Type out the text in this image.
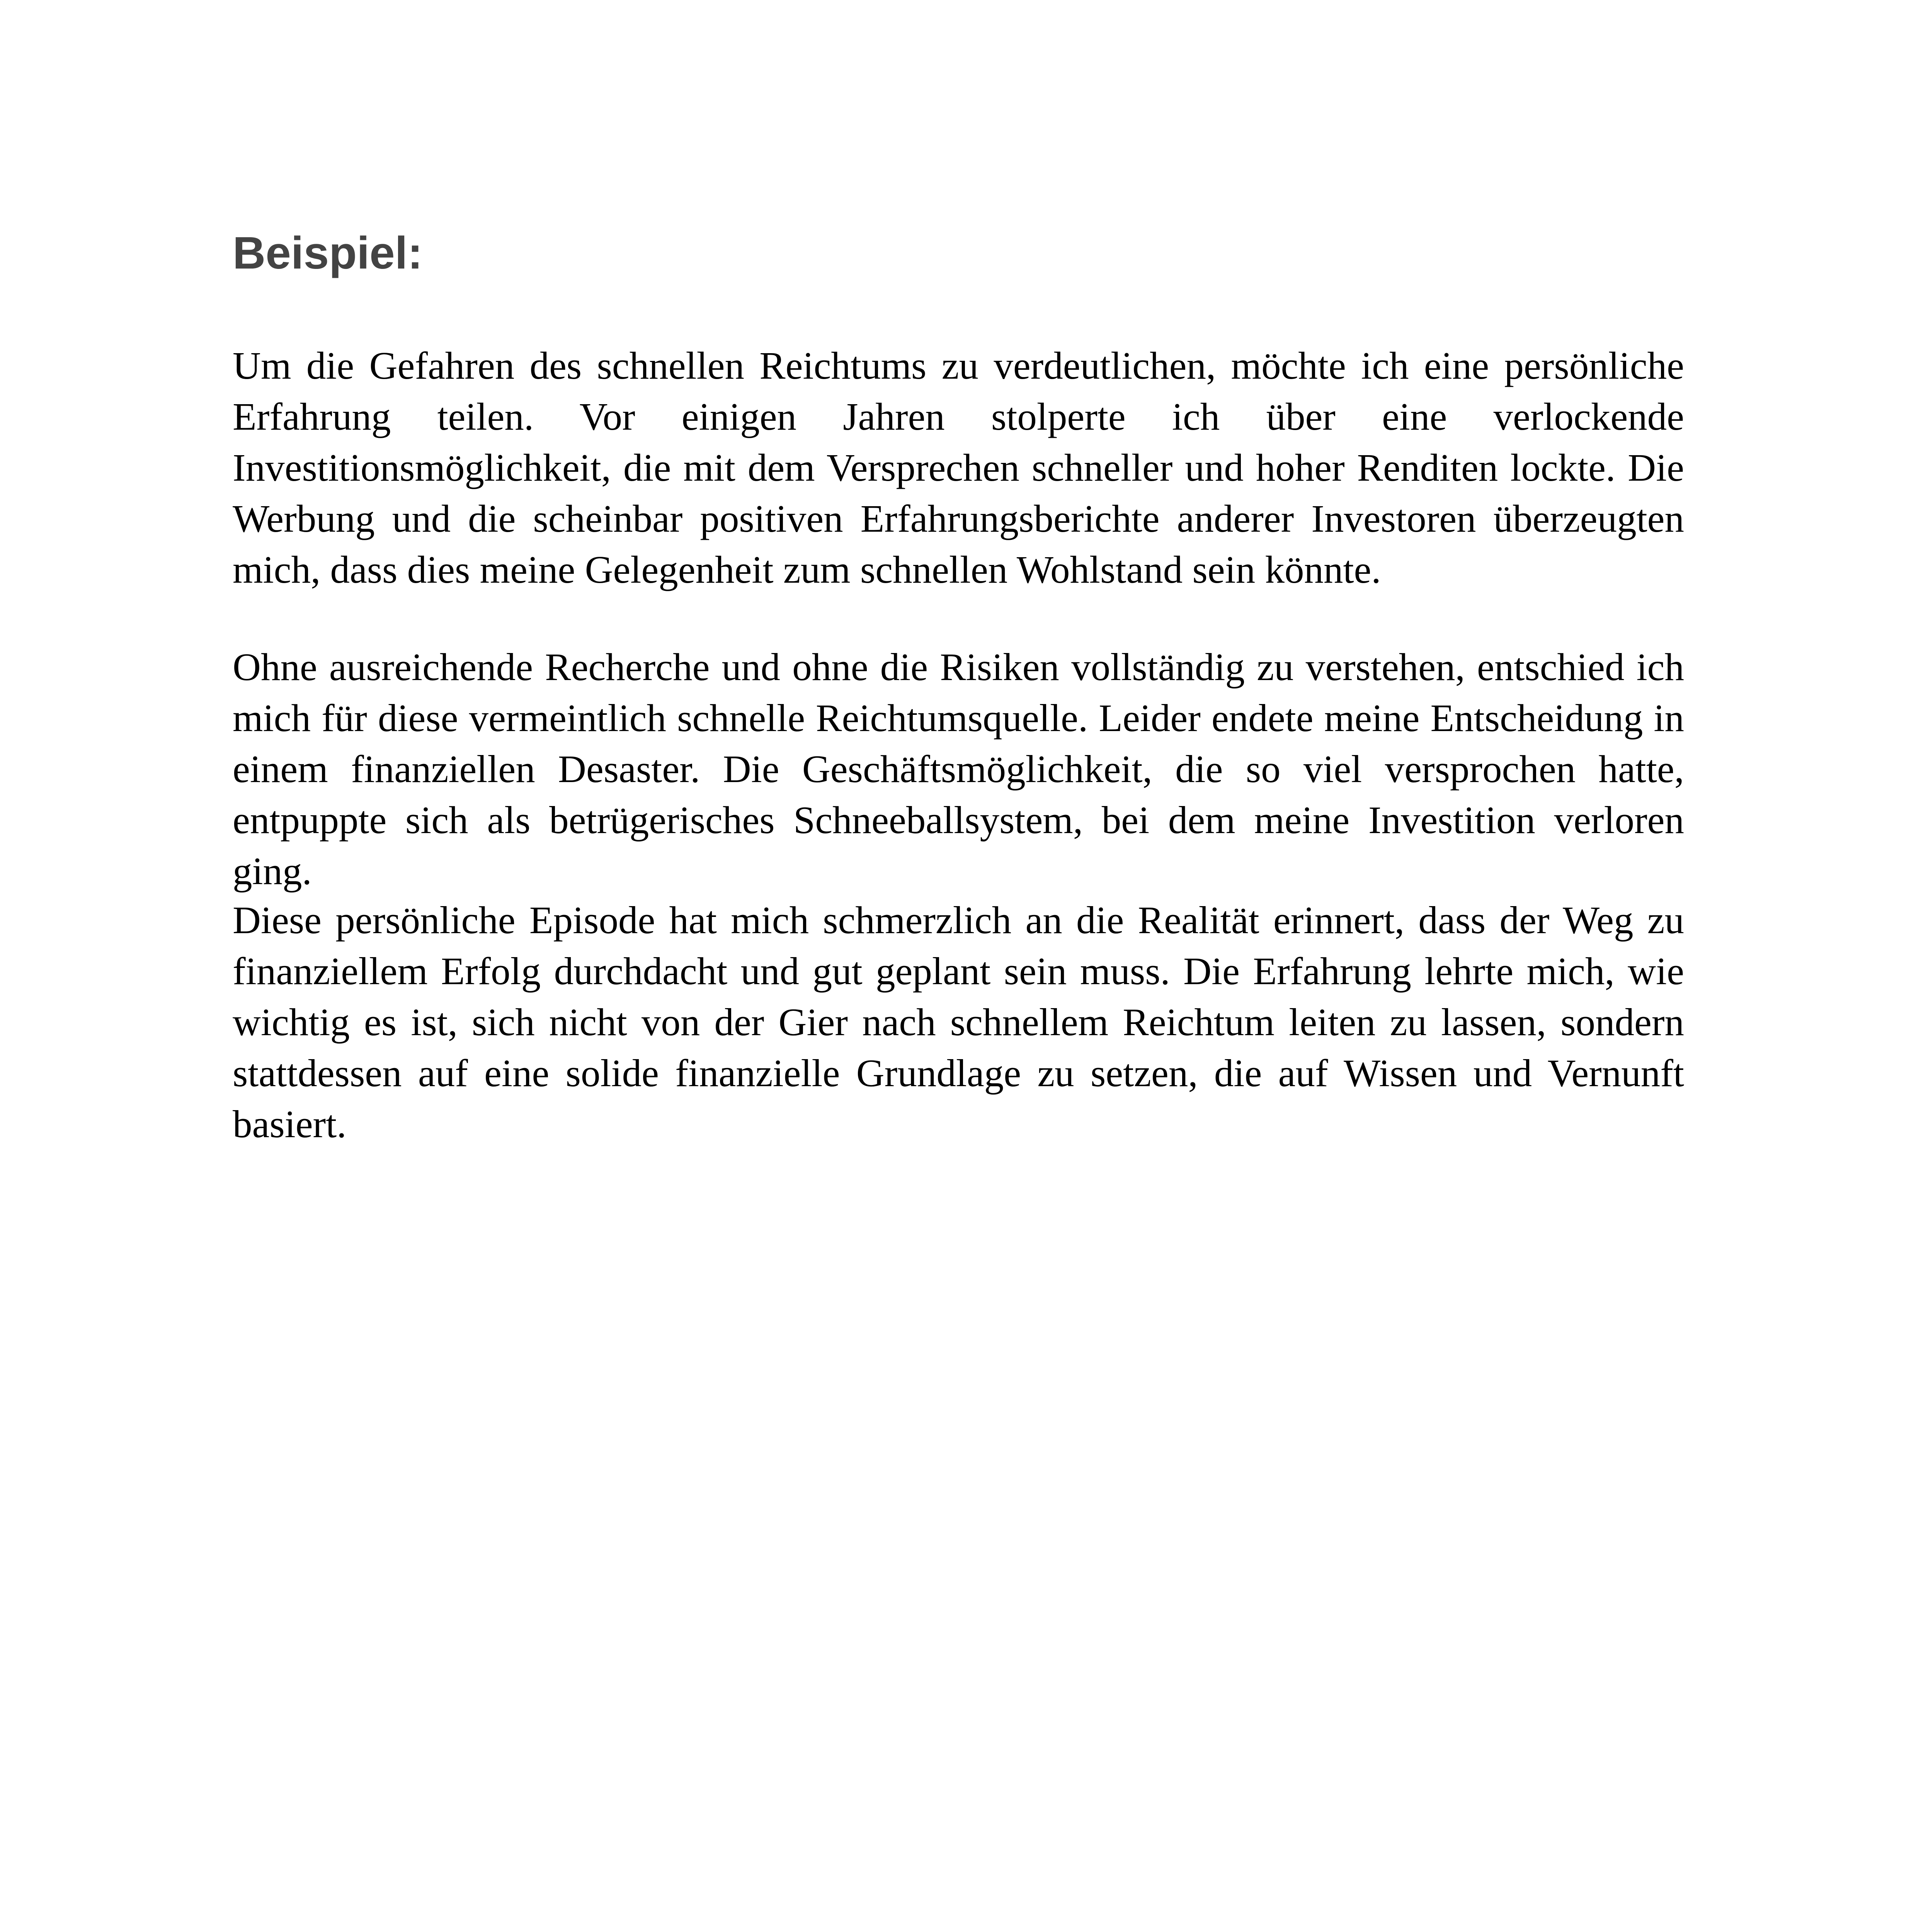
Beispiel:

Um die Gefahren des schnellen Reichtums zu verdeutlichen, möchte ich eine persönliche Erfahrung teilen. Vor einigen Jahren stolperte ich über eine verlockende Investitionsmöglichkeit, die mit dem Versprechen schneller und hoher Renditen lockte. Die Werbung und die scheinbar positiven Erfahrungsberichte anderer Investoren überzeugten mich, dass dies meine Gelegenheit zum schnellen Wohlstand sein könnte.

Ohne ausreichende Recherche und ohne die Risiken vollständig zu verstehen, entschied ich mich für diese vermeintlich schnelle Reichtumsquelle. Leider endete meine Entscheidung in einem finanziellen Desaster. Die Geschäftsmöglichkeit, die so viel versprochen hatte, entpuppte sich als betrügerisches Schneeballsystem, bei dem meine Investition verloren ging.

Diese persönliche Episode hat mich schmerzlich an die Realität erinnert, dass der Weg zu finanziellem Erfolg durchdacht und gut geplant sein muss. Die Erfahrung lehrte mich, wie wichtig es ist, sich nicht von der Gier nach schnellem Reichtum leiten zu lassen, sondern stattdessen auf eine solide finanzielle Grundlage zu setzen, die auf Wissen und Vernunft basiert.
